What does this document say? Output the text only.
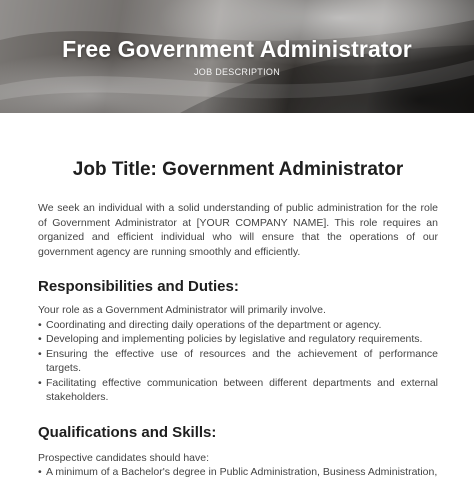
Free Government Administrator
JOB DESCRIPTION
Job Title: Government Administrator

We seek an individual with a solid understanding of public administration for the role of Government Administrator at [YOUR COMPANY NAME]. This role requires an organized and efficient individual who will ensure that the operations of our government agency are running smoothly and efficiently.

Responsibilities and Duties:

Your role as a Government Administrator will primarily involve.

• Coordinating and directing daily operations of the department or agency.
• Developing and implementing policies by legislative and regulatory requirements.
• Ensuring the effective use of resources and the achievement of performance targets.
• Facilitating effective communication between different departments and external stakeholders.
Qualifications and Skills:

Prospective candidates should have:

• A minimum of a Bachelor's degree in Public Administration, Business Administration,
